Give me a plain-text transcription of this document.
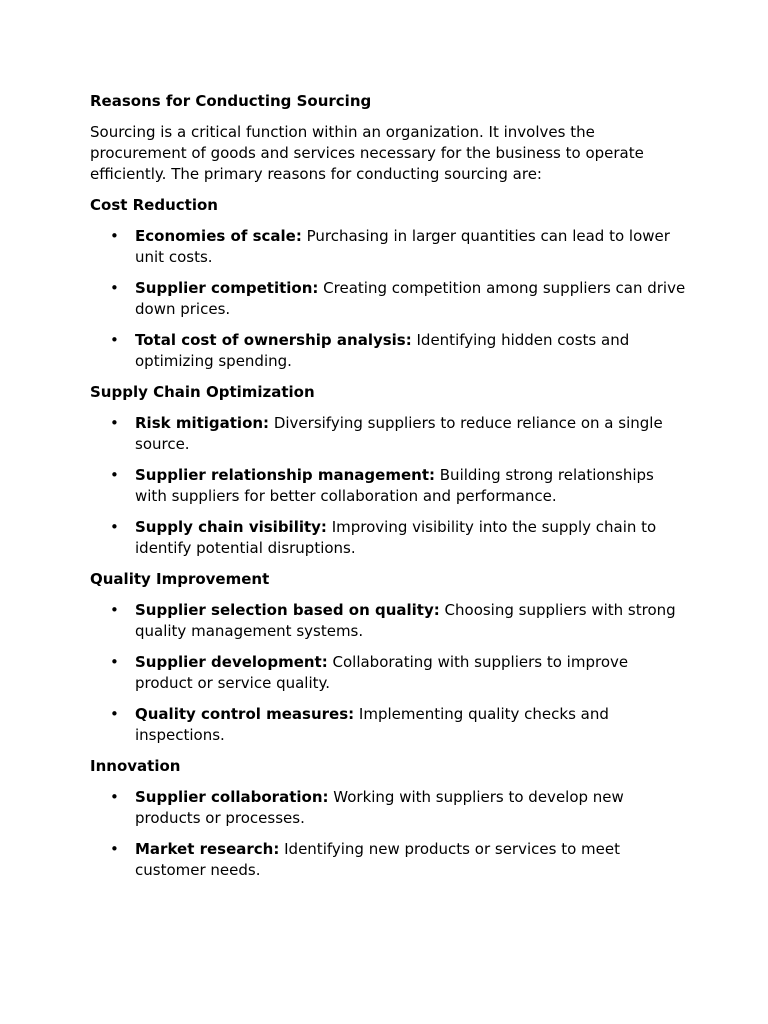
Reasons for Conducting Sourcing
Sourcing is a critical function within an organization. It involves the procurement of goods and services necessary for the business to operate efficiently. The primary reasons for conducting sourcing are:
Cost Reduction
• Economies of scale: Purchasing in larger quantities can lead to lower unit costs.
• Supplier competition: Creating competition among suppliers can drive down prices.
• Total cost of ownership analysis: Identifying hidden costs and optimizing spending.
Supply Chain Optimization
• Risk mitigation: Diversifying suppliers to reduce reliance on a single source.
• Supplier relationship management: Building strong relationships with suppliers for better collaboration and performance.
• Supply chain visibility: Improving visibility into the supply chain to identify potential disruptions.
Quality Improvement
• Supplier selection based on quality: Choosing suppliers with strong quality management systems.
• Supplier development: Collaborating with suppliers to improve product or service quality.
• Quality control measures: Implementing quality checks and inspections.
Innovation
• Supplier collaboration: Working with suppliers to develop new products or processes.
• Market research: Identifying new products or services to meet customer needs.
